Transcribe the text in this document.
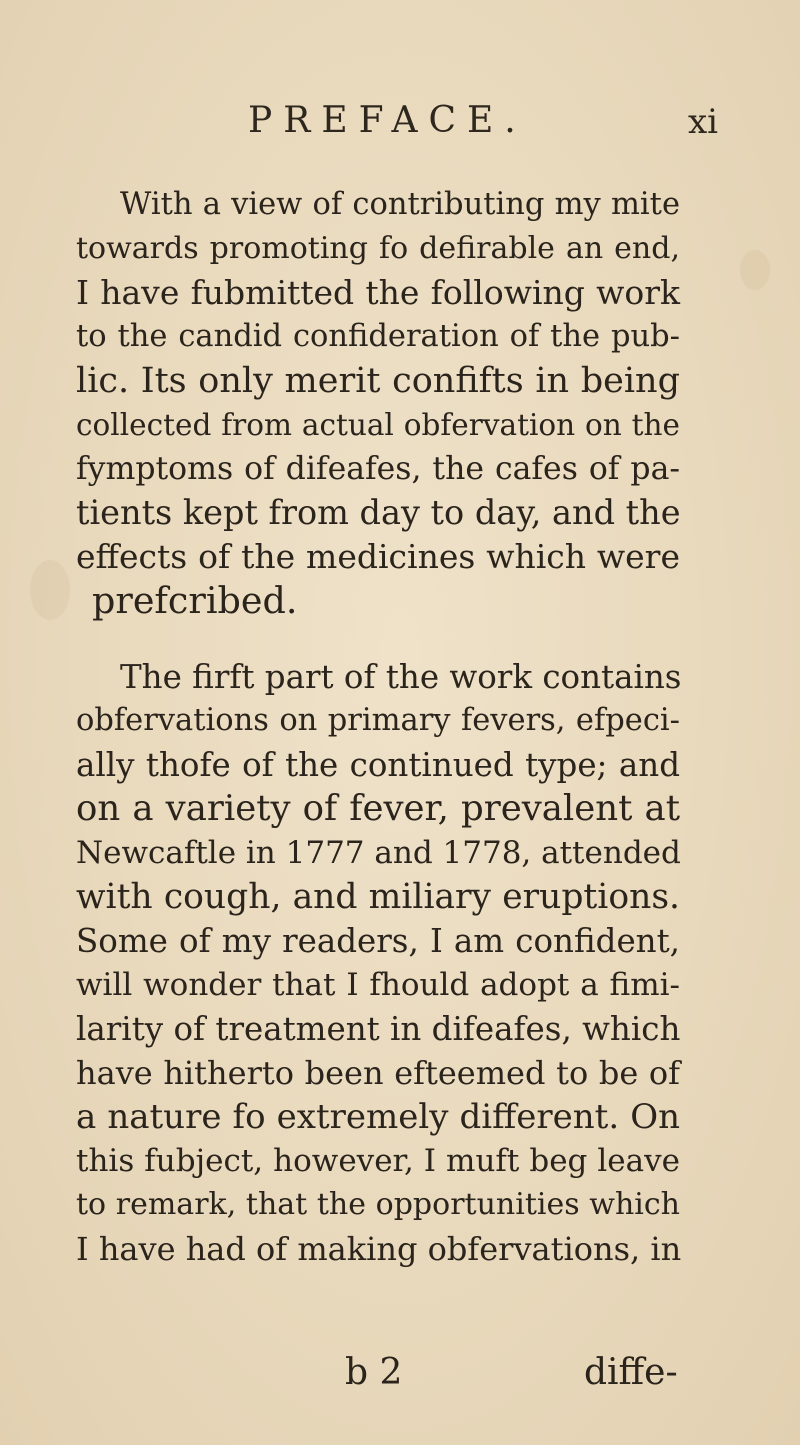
PREFACE.	xi
With a view of contributing my mite
towards promoting fo defirable an end,
I have fubmitted the following work
to the candid confideration of the pub-
lic. Its only merit confifts in being
collected from actual obfervation on the
fymptoms of difeafes, the cafes of pa-
tients kept from day to day, and the
effects of the medicines which were
prefcribed.
The firft part of the work contains
obfervations on primary fevers, efpeci-
ally thofe of the continued type; and
on a variety of fever, prevalent at
Newcaftle in 1777 and 1778, attended
with cough, and miliary eruptions.
Some of my readers, I am confident,
will wonder that I fhould adopt a fimi-
larity of treatment in difeafes, which
have hitherto been efteemed to be of
a nature fo extremely different. On
this fubject, however, I muft beg leave
to remark, that the opportunities which
I have had of making obfervations, in
b 2	diffe-
